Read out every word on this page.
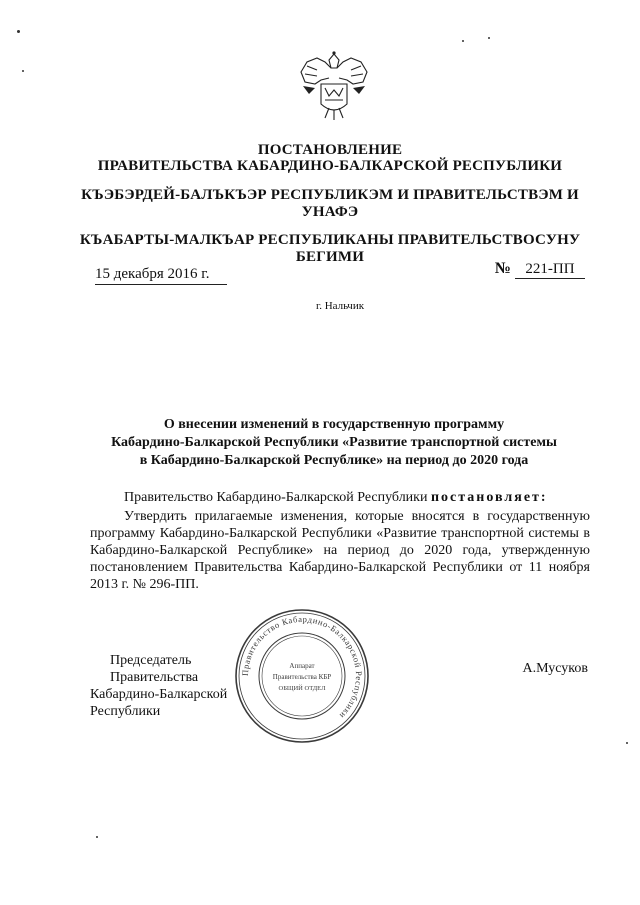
ПОСТАНОВЛЕНИЕ
ПРАВИТЕЛЬСТВА КАБАРДИНО-БАЛКАРСКОЙ РЕСПУБЛИКИ
КЪЭБЭРДЕЙ-БАЛЪКЪЭР РЕСПУБЛИКЭМ И ПРАВИТЕЛЬСТВЭМ И
УНАФЭ
КЪАБАРТЫ-МАЛКЪАР РЕСПУБЛИКАНЫ ПРАВИТЕЛЬСТВОСУНУ
БЕГИМИ
15 декабря 2016 г.	№ 221-ПП
г. Нальчик
О внесении изменений в государственную программу
Кабардино-Балкарской Республики «Развитие транспортной системы
в Кабардино-Балкарской Республике» на период до 2020 года
Правительство Кабардино-Балкарской Республики постановляет:
Утвердить прилагаемые изменения, которые вносятся в государственную программу Кабардино-Балкарской Республики «Развитие транспортной системы в Кабардино-Балкарской Республике» на период до 2020 года, утвержденную постановлением Правительства Кабардино-Балкарской Республики от 11 ноября 2013 г. № 296-ПП.
Правительство Кабардино-Балкарской Республики
Аппарат
Правительства КБР
ОБЩИЙ ОТДЕЛ
Председатель Правительства
Кабардино-Балкарской Республики
А.Мусуков
